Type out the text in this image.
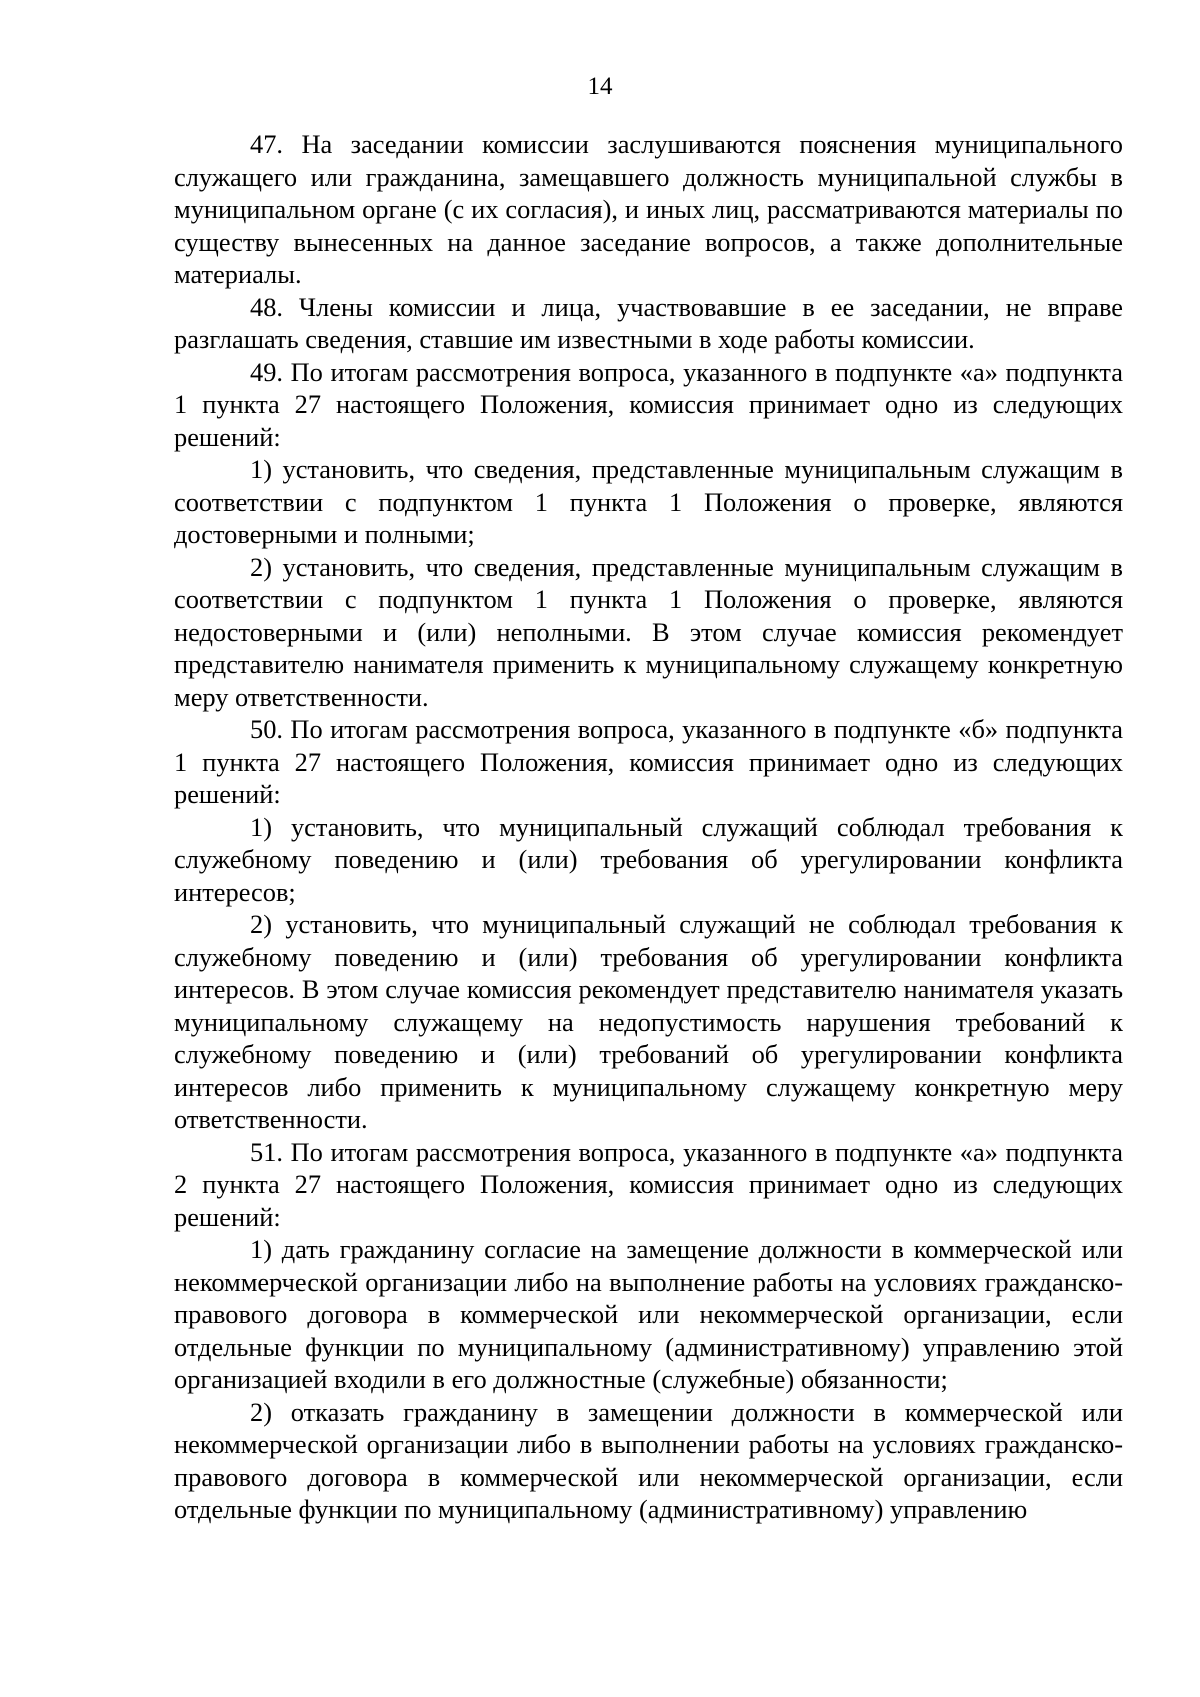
14

47. На заседании комиссии заслушиваются пояснения муниципального служащего или гражданина, замещавшего должность муниципальной службы в муниципальном органе (с их согласия), и иных лиц, рассматриваются материалы по существу вынесенных на данное заседание вопросов, а также дополнительные материалы.

48. Члены комиссии и лица, участвовавшие в ее заседании, не вправе разглашать сведения, ставшие им известными в ходе работы комиссии.

49. По итогам рассмотрения вопроса, указанного в подпункте «а» подпункта 1 пункта 27 настоящего Положения, комиссия принимает одно из следующих решений:

1) установить, что сведения, представленные муниципальным служащим в соответствии с подпунктом 1 пункта 1 Положения о проверке, являются достоверными и полными;

2) установить, что сведения, представленные муниципальным служащим в соответствии с подпунктом 1 пункта 1 Положения о проверке, являются недостоверными и (или) неполными. В этом случае комиссия рекомендует представителю нанимателя применить к муниципальному служащему конкретную меру ответственности.

50. По итогам рассмотрения вопроса, указанного в подпункте «б» подпункта 1 пункта 27 настоящего Положения, комиссия принимает одно из следующих решений:

1) установить, что муниципальный служащий соблюдал требования к служебному поведению и (или) требования об урегулировании конфликта интересов;

2) установить, что муниципальный служащий не соблюдал требования к служебному поведению и (или) требования об урегулировании конфликта интересов. В этом случае комиссия рекомендует представителю нанимателя указать муниципальному служащему на недопустимость нарушения требований к служебному поведению и (или) требований об урегулировании конфликта интересов либо применить к муниципальному служащему конкретную меру ответственности.

51. По итогам рассмотрения вопроса, указанного в подпункте «а» подпункта 2 пункта 27 настоящего Положения, комиссия принимает одно из следующих решений:

1) дать гражданину согласие на замещение должности в коммерческой или некоммерческой организации либо на выполнение работы на условиях гражданско-правового договора в коммерческой или некоммерческой организации, если отдельные функции по муниципальному (административному) управлению этой организацией входили в его должностные (служебные) обязанности;

2) отказать гражданину в замещении должности в коммерческой или некоммерческой организации либо в выполнении работы на условиях гражданско-правового договора в коммерческой или некоммерческой организации, если отдельные функции по муниципальному (административному) управлению
